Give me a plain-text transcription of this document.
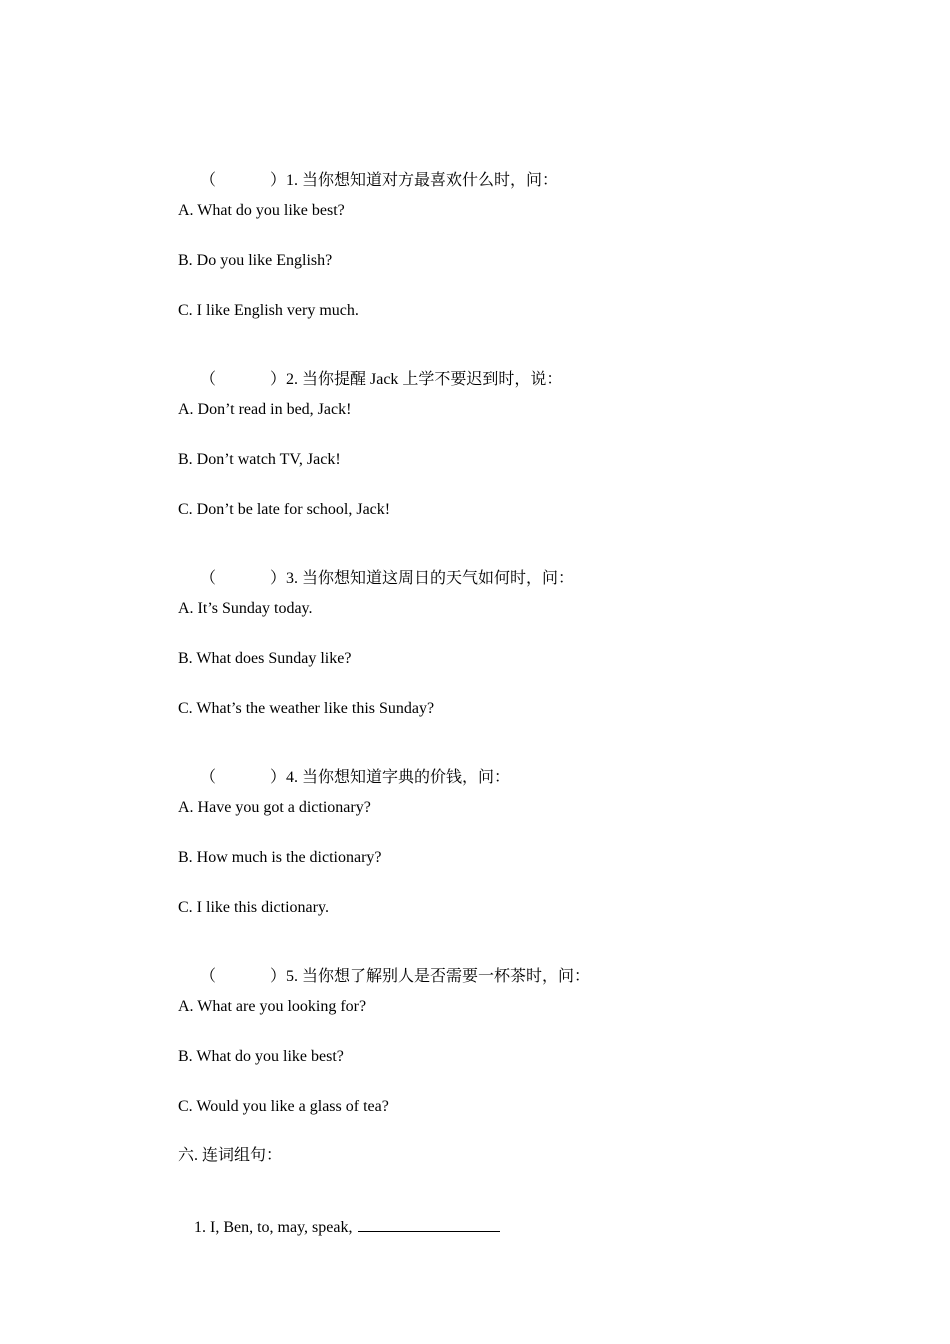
（	）1. 当你想知道对方最喜欢什么时，问：

A. What do you like best?
B. Do you like English?
C. I like English very much.

（	）2. 当你提醒 Jack 上学不要迟到时，说：

A. Don’t read in bed, Jack!
B. Don’t watch TV, Jack!
C. Don’t be late for school, Jack!

（	）3. 当你想知道这周日的天气如何时，问：

A. It’s Sunday today.
B. What does Sunday like?
C. What’s the weather like this Sunday?

（	）4. 当你想知道字典的价钱，问：

A. Have you got a dictionary?
B. How much is the dictionary?
C. I like this dictionary.

（	）5. 当你想了解别人是否需要一杯茶时，问：

A. What are you looking for?
B. What do you like best?
C. Would you like a glass of tea?
六. 连词组句：

1. I, Ben, to, may, speak,
